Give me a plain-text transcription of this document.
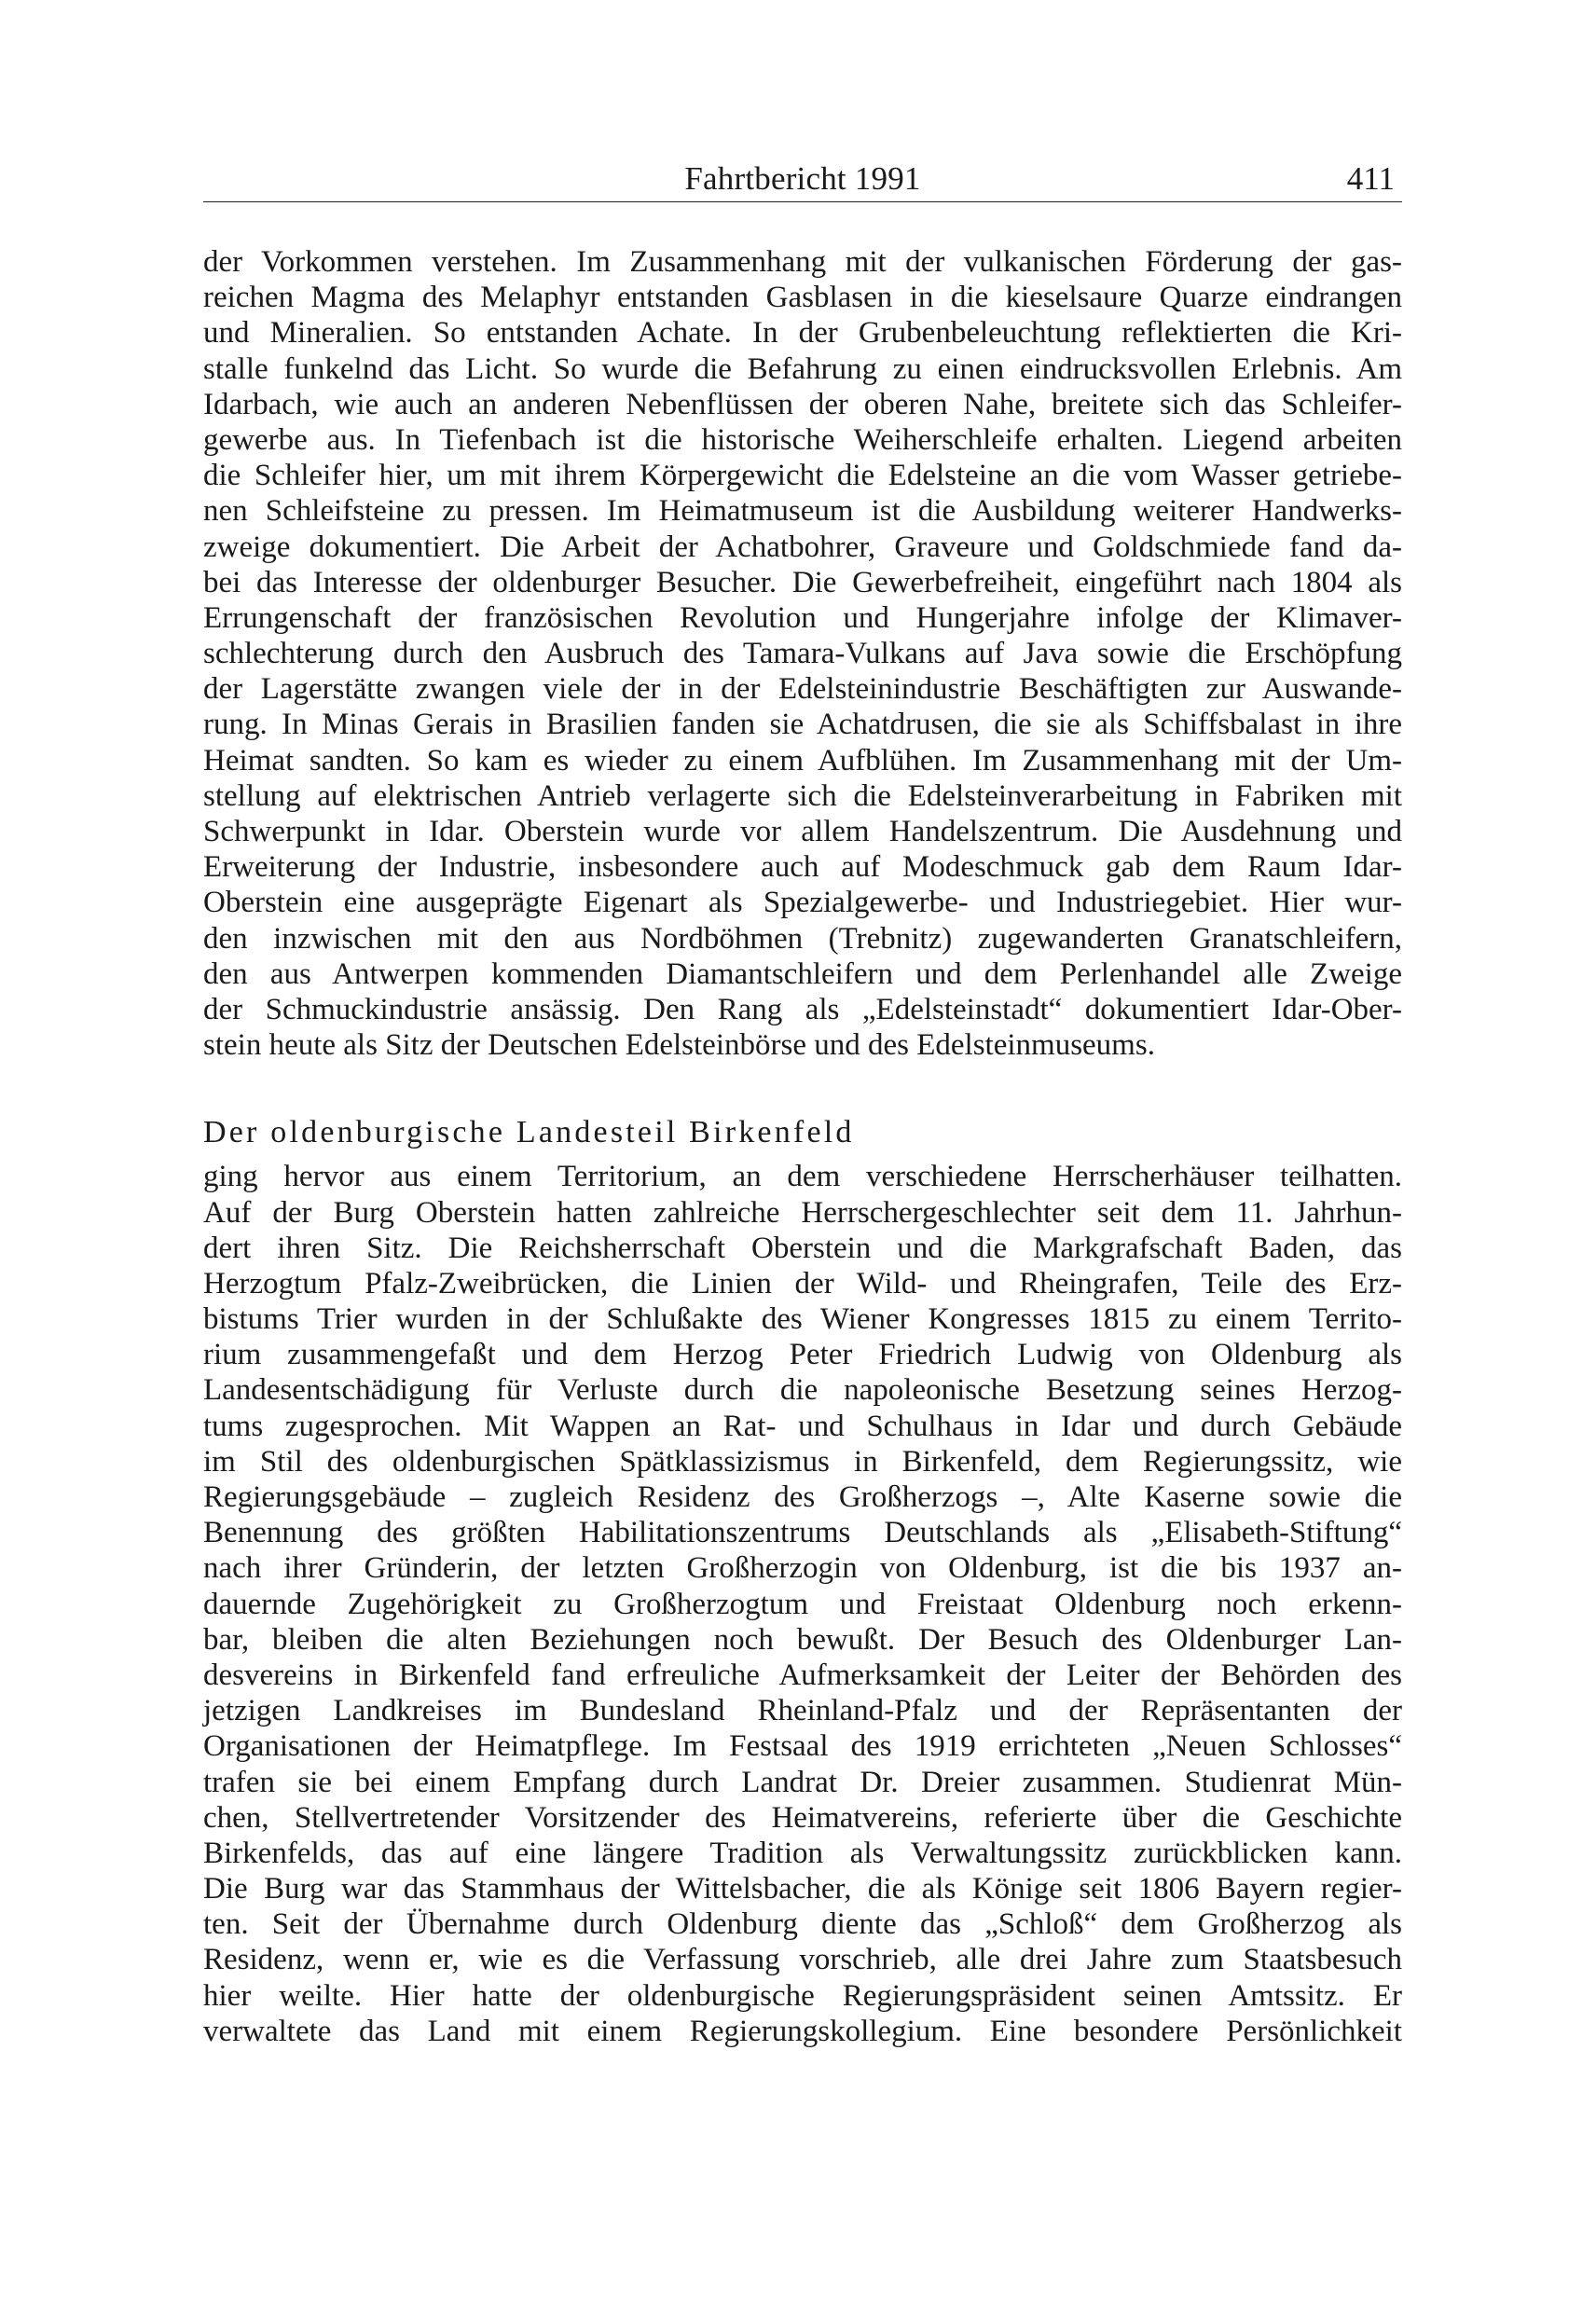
Fahrtbericht 1991	411
der Vorkommen verstehen. Im Zusammenhang mit der vulkanischen Förderung der gas-
reichen Magma des Melaphyr entstanden Gasblasen in die kieselsaure Quarze eindrangen
und Mineralien. So entstanden Achate. In der Grubenbeleuchtung reflektierten die Kri-
stalle funkelnd das Licht. So wurde die Befahrung zu einen eindrucksvollen Erlebnis. Am
Idarbach, wie auch an anderen Nebenflüssen der oberen Nahe, breitete sich das Schleifer-
gewerbe aus. In Tiefenbach ist die historische Weiherschleife erhalten. Liegend arbeiten
die Schleifer hier, um mit ihrem Körpergewicht die Edelsteine an die vom Wasser getriebe-
nen Schleifsteine zu pressen. Im Heimatmuseum ist die Ausbildung weiterer Handwerks-
zweige dokumentiert. Die Arbeit der Achatbohrer, Graveure und Goldschmiede fand da-
bei das Interesse der oldenburger Besucher. Die Gewerbefreiheit, eingeführt nach 1804 als
Errungenschaft der französischen Revolution und Hungerjahre infolge der Klimaver-
schlechterung durch den Ausbruch des Tamara-Vulkans auf Java sowie die Erschöpfung
der Lagerstätte zwangen viele der in der Edelsteinindustrie Beschäftigten zur Auswande-
rung. In Minas Gerais in Brasilien fanden sie Achatdrusen, die sie als Schiffsbalast in ihre
Heimat sandten. So kam es wieder zu einem Aufblühen. Im Zusammenhang mit der Um-
stellung auf elektrischen Antrieb verlagerte sich die Edelsteinverarbeitung in Fabriken mit
Schwerpunkt in Idar. Oberstein wurde vor allem Handelszentrum. Die Ausdehnung und
Erweiterung der Industrie, insbesondere auch auf Modeschmuck gab dem Raum Idar-
Oberstein eine ausgeprägte Eigenart als Spezialgewerbe- und Industriegebiet. Hier wur-
den inzwischen mit den aus Nordböhmen (Trebnitz) zugewanderten Granatschleifern,
den aus Antwerpen kommenden Diamantschleifern und dem Perlenhandel alle Zweige
der Schmuckindustrie ansässig. Den Rang als „Edelsteinstadt“ dokumentiert Idar-Ober-
stein heute als Sitz der Deutschen Edelsteinbörse und des Edelsteinmuseums.
Der oldenburgische Landesteil Birkenfeld
ging hervor aus einem Territorium, an dem verschiedene Herrscherhäuser teilhatten.
Auf der Burg Oberstein hatten zahlreiche Herrschergeschlechter seit dem 11. Jahrhun-
dert ihren Sitz. Die Reichsherrschaft Oberstein und die Markgrafschaft Baden, das
Herzogtum Pfalz-Zweibrücken, die Linien der Wild- und Rheingrafen, Teile des Erz-
bistums Trier wurden in der Schlußakte des Wiener Kongresses 1815 zu einem Territo-
rium zusammengefaßt und dem Herzog Peter Friedrich Ludwig von Oldenburg als
Landesentschädigung für Verluste durch die napoleonische Besetzung seines Herzog-
tums zugesprochen. Mit Wappen an Rat- und Schulhaus in Idar und durch Gebäude
im Stil des oldenburgischen Spätklassizismus in Birkenfeld, dem Regierungssitz, wie
Regierungsgebäude – zugleich Residenz des Großherzogs –, Alte Kaserne sowie die
Benennung des größten Habilitationszentrums Deutschlands als „Elisabeth-Stiftung“
nach ihrer Gründerin, der letzten Großherzogin von Oldenburg, ist die bis 1937 an-
dauernde Zugehörigkeit zu Großherzogtum und Freistaat Oldenburg noch erkenn-
bar, bleiben die alten Beziehungen noch bewußt. Der Besuch des Oldenburger Lan-
desvereins in Birkenfeld fand erfreuliche Aufmerksamkeit der Leiter der Behörden des
jetzigen Landkreises im Bundesland Rheinland-Pfalz und der Repräsentanten der
Organisationen der Heimatpflege. Im Festsaal des 1919 errichteten „Neuen Schlosses“
trafen sie bei einem Empfang durch Landrat Dr. Dreier zusammen. Studienrat Mün-
chen, Stellvertretender Vorsitzender des Heimatvereins, referierte über die Geschichte
Birkenfelds, das auf eine längere Tradition als Verwaltungssitz zurückblicken kann.
Die Burg war das Stammhaus der Wittelsbacher, die als Könige seit 1806 Bayern regier-
ten. Seit der Übernahme durch Oldenburg diente das „Schloß“ dem Großherzog als
Residenz, wenn er, wie es die Verfassung vorschrieb, alle drei Jahre zum Staatsbesuch
hier weilte. Hier hatte der oldenburgische Regierungspräsident seinen Amtssitz. Er
verwaltete das Land mit einem Regierungskollegium. Eine besondere Persönlichkeit
